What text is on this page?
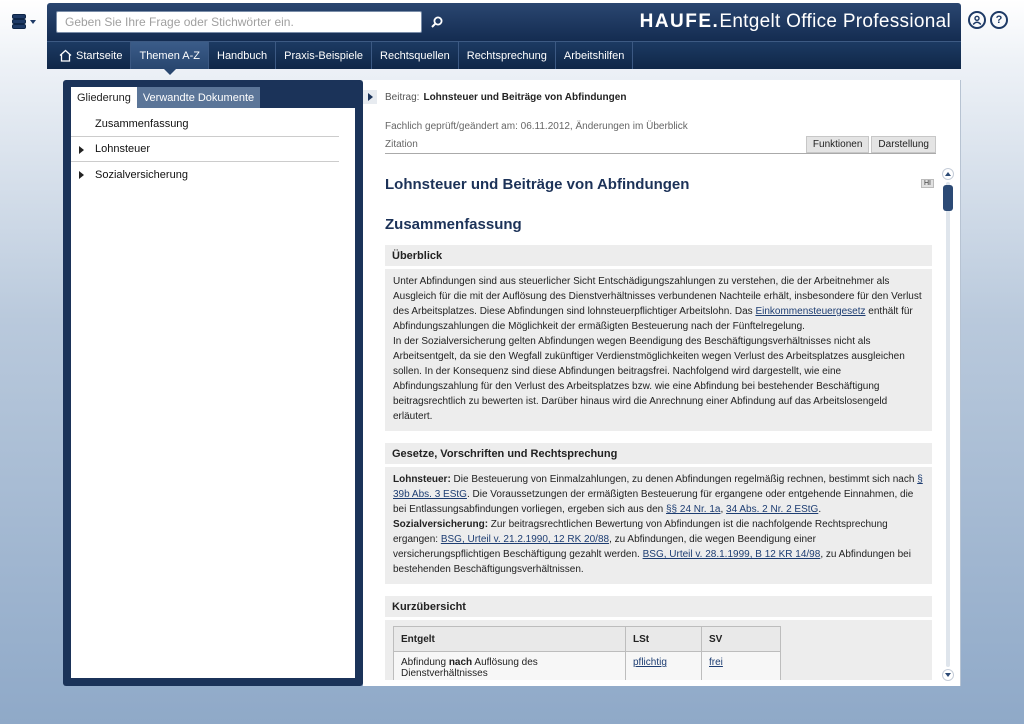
Geben Sie Ihre Frage oder Stichwörter ein.
HAUFE.Entgelt Office Professional	?
Startseite Themen A-Z Handbuch Praxis-Beispiele Rechtsquellen Rechtsprechung Arbeitshilfen
Gliederung	Verwandte Dokumente
Zusammenfassung
Lohnsteuer
Sozialversicherung
Beitrag: Lohnsteuer und Beiträge von Abfindungen
Fachlich geprüft/geändert am: 06.11.2012, Änderungen im Überblick
Zitation	Funktionen	Darstellung
HI
Lohnsteuer und Beiträge von Abfindungen
Zusammenfassung
Überblick
Unter Abfindungen sind aus steuerlicher Sicht Entschädigungszahlungen zu verstehen, die der Arbeitnehmer als Ausgleich für die mit der Auflösung des Dienstverhältnisses verbundenen Nachteile erhält, insbesondere für den Verlust des Arbeitsplatzes. Diese Abfindungen sind lohnsteuerpflichtiger Arbeitslohn. Das Einkommensteuergesetz enthält für Abfindungszahlungen die Möglichkeit der ermäßigten Besteuerung nach der Fünftelregelung.
In der Sozialversicherung gelten Abfindungen wegen Beendigung des Beschäftigungsverhältnisses nicht als Arbeitsentgelt, da sie den Wegfall zukünftiger Verdienstmöglichkeiten wegen Verlust des Arbeitsplatzes ausgleichen sollen. In der Konsequenz sind diese Abfindungen beitragsfrei. Nachfolgend wird dargestellt, wie eine Abfindungszahlung für den Verlust des Arbeitsplatzes bzw. wie eine Abfindung bei bestehender Beschäftigung beitragsrechtlich zu bewerten ist. Darüber hinaus wird die Anrechnung einer Abfindung auf das Arbeitslosengeld erläutert.
Gesetze, Vorschriften und Rechtsprechung
Lohnsteuer: Die Besteuerung von Einmalzahlungen, zu denen Abfindungen regelmäßig rechnen, bestimmt sich nach § 39b Abs. 3 EStG. Die Voraussetzungen der ermäßigten Besteuerung für ergangene oder entgehende Einnahmen, die bei Entlassungsabfindungen vorliegen, ergeben sich aus den §§ 24 Nr. 1a, 34 Abs. 2 Nr. 2 EStG.
Sozialversicherung: Zur beitragsrechtlichen Bewertung von Abfindungen ist die nachfolgende Rechtsprechung ergangen: BSG, Urteil v. 21.2.1990, 12 RK 20/88, zu Abfindungen, die wegen Beendigung einer versicherungspflichtigen Beschäftigung gezahlt werden. BSG, Urteil v. 28.1.1999, B 12 KR 14/98, zu Abfindungen bei bestehenden Beschäftigungsverhältnissen.
Kurzübersicht
Entgelt	LSt	SV
Abfindung nach Auflösung des Dienstverhältnisses	pflichtig	frei
